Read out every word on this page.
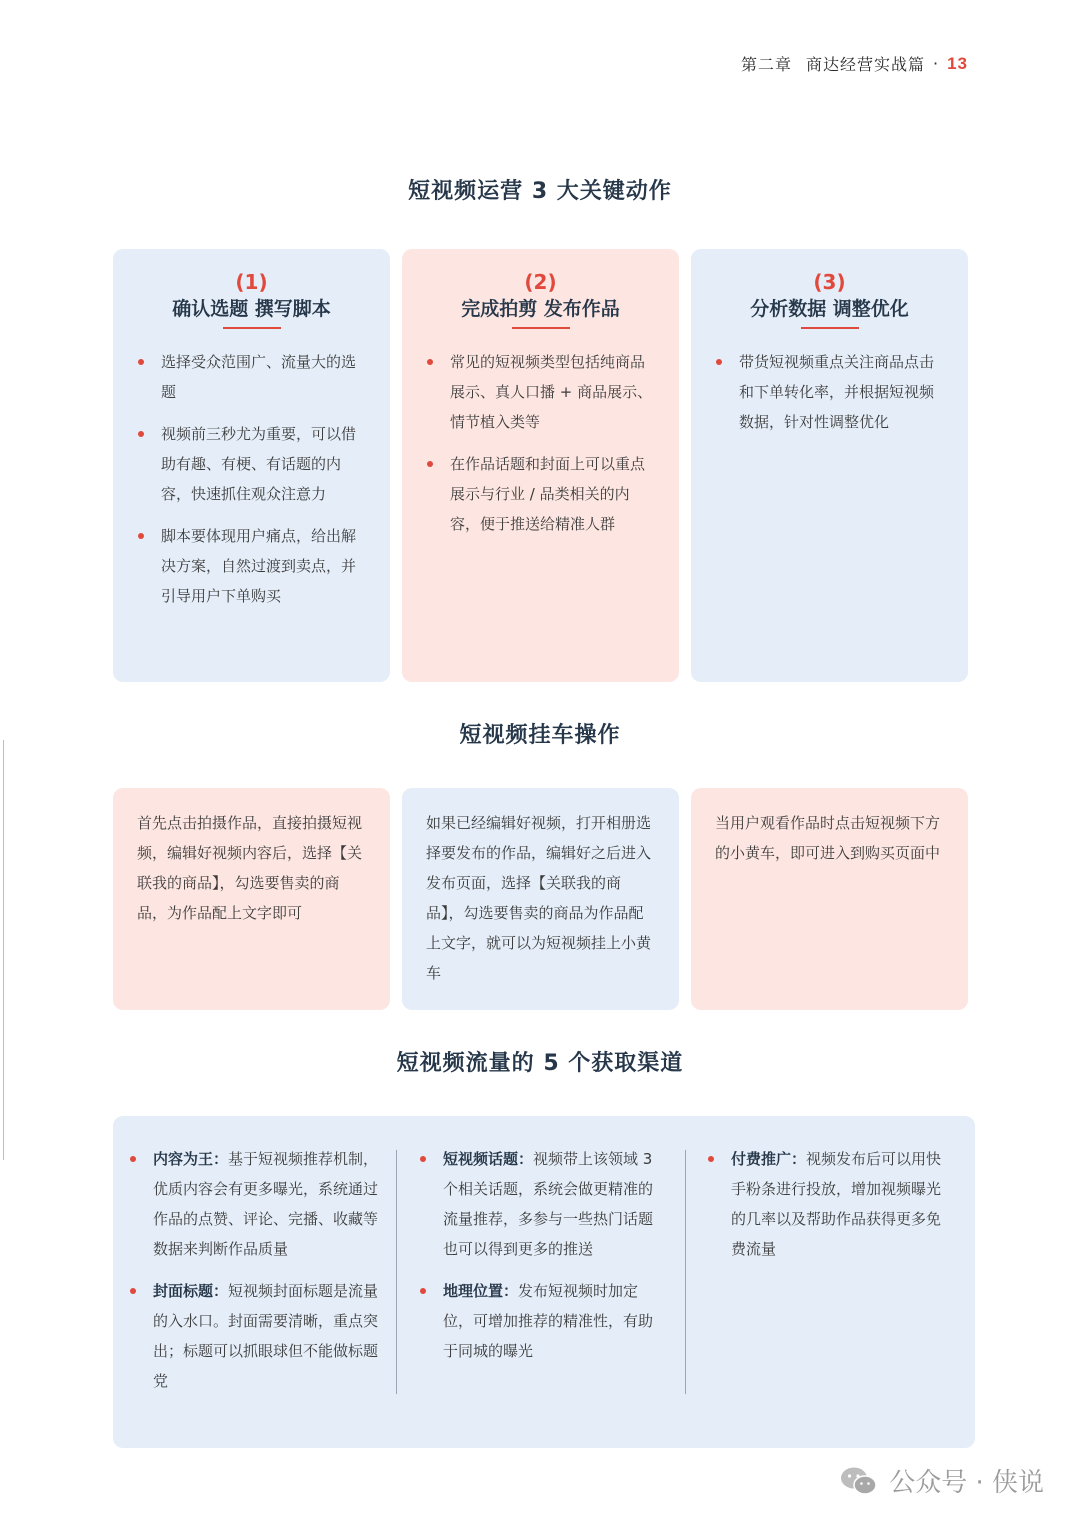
第二章 商达经营实战篇 · 13
短视频运营 3 大关键动作
(1)
确认选题 撰写脚本
选择受众范围广、流量大的选题
视频前三秒尤为重要，可以借助有趣、有梗、有话题的内容，快速抓住观众注意力
脚本要体现用户痛点，给出解决方案，自然过渡到卖点，并引导用户下单购买
(2)
完成拍剪 发布作品
常见的短视频类型包括纯商品展示、真人口播 + 商品展示、情节植入类等
在作品话题和封面上可以重点展示与行业 / 品类相关的内容，便于推送给精准人群
(3)
分析数据 调整优化
带货短视频重点关注商品点击和下单转化率，并根据短视频数据，针对性调整优化
短视频挂车操作
首先点击拍摄作品，直接拍摄短视频，编辑好视频内容后，选择【关联我的商品】，勾选要售卖的商品，为作品配上文字即可
如果已经编辑好视频，打开相册选择要发布的作品，编辑好之后进入发布页面，选择【关联我的商品】，勾选要售卖的商品为作品配上文字，就可以为短视频挂上小黄车
当用户观看作品时点击短视频下方的小黄车，即可进入到购买页面中
短视频流量的 5 个获取渠道
内容为王：基于短视频推荐机制，优质内容会有更多曝光，系统通过作品的点赞、评论、完播、收藏等数据来判断作品质量
封面标题：短视频封面标题是流量的入水口。封面需要清晰，重点突出；标题可以抓眼球但不能做标题党
短视频话题：视频带上该领域 3 个相关话题，系统会做更精准的流量推荐，多参与一些热门话题也可以得到更多的推送
地理位置：发布短视频时加定位，可增加推荐的精准性，有助于同城的曝光
付费推广：视频发布后可以用快手粉条进行投放，增加视频曝光的几率以及帮助作品获得更多免费流量
公众号 · 侠说
